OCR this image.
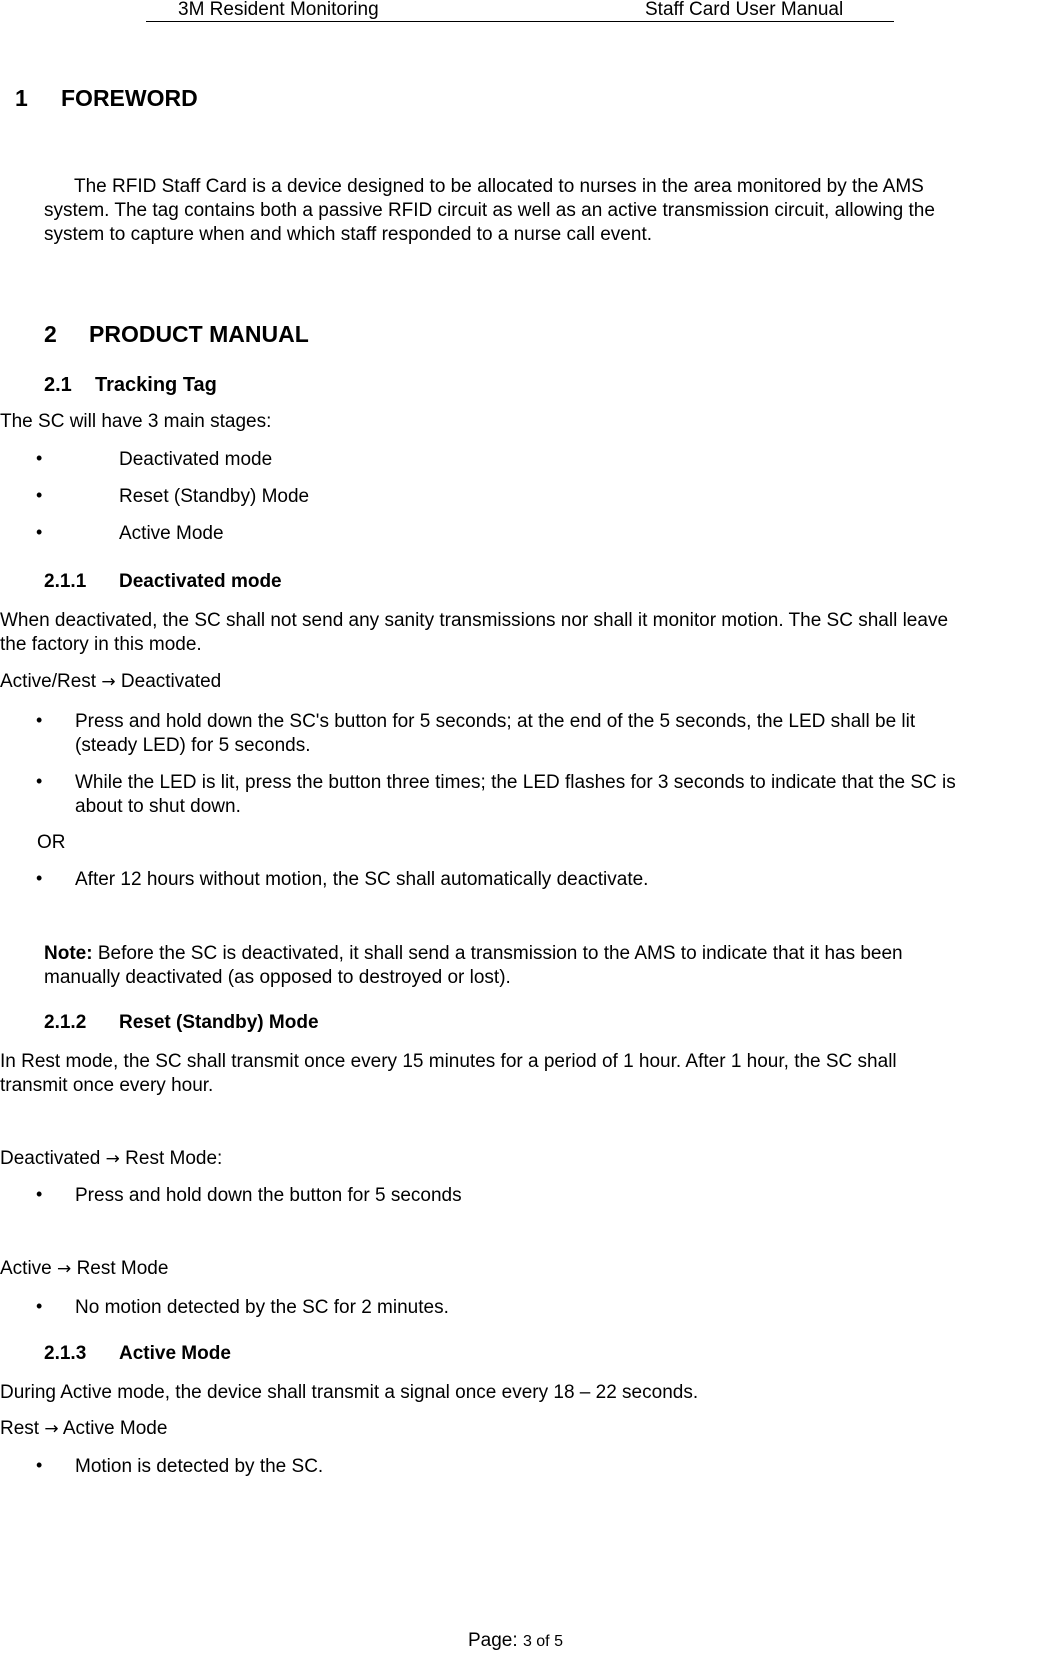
3M Resident Monitoring	Staff Card User Manual
1 FOREWORD
The RFID Staff Card is a device designed to be allocated to nurses in the area monitored by the AMS
system. The tag contains both a passive RFID circuit as well as an active transmission circuit, allowing the
system to capture when and which staff responded to a nurse call event.
2 PRODUCT MANUAL
2.1 Tracking Tag
The SC will have 3 main stages:
•	Deactivated mode
•	Reset (Standby) Mode
•	Active Mode
2.1.1 Deactivated mode
When deactivated, the SC shall not send any sanity transmissions nor shall it monitor motion. The SC shall leave
the factory in this mode.
Active/Rest → Deactivated
• Press and hold down the SC's button for 5 seconds; at the end of the 5 seconds, the LED shall be lit
(steady LED) for 5 seconds.
• While the LED is lit, press the button three times; the LED flashes for 3 seconds to indicate that the SC is
about to shut down.
OR
• After 12 hours without motion, the SC shall automatically deactivate.
Note: Before the SC is deactivated, it shall send a transmission to the AMS to indicate that it has been
manually deactivated (as opposed to destroyed or lost).
2.1.2 Reset (Standby) Mode
In Rest mode, the SC shall transmit once every 15 minutes for a period of 1 hour. After 1 hour, the SC shall
transmit once every hour.
Deactivated → Rest Mode:
• Press and hold down the button for 5 seconds
Active → Rest Mode
• No motion detected by the SC for 2 minutes.
2.1.3 Active Mode
During Active mode, the device shall transmit a signal once every 18 – 22 seconds.
Rest → Active Mode
• Motion is detected by the SC.
Page: 3 of 5
